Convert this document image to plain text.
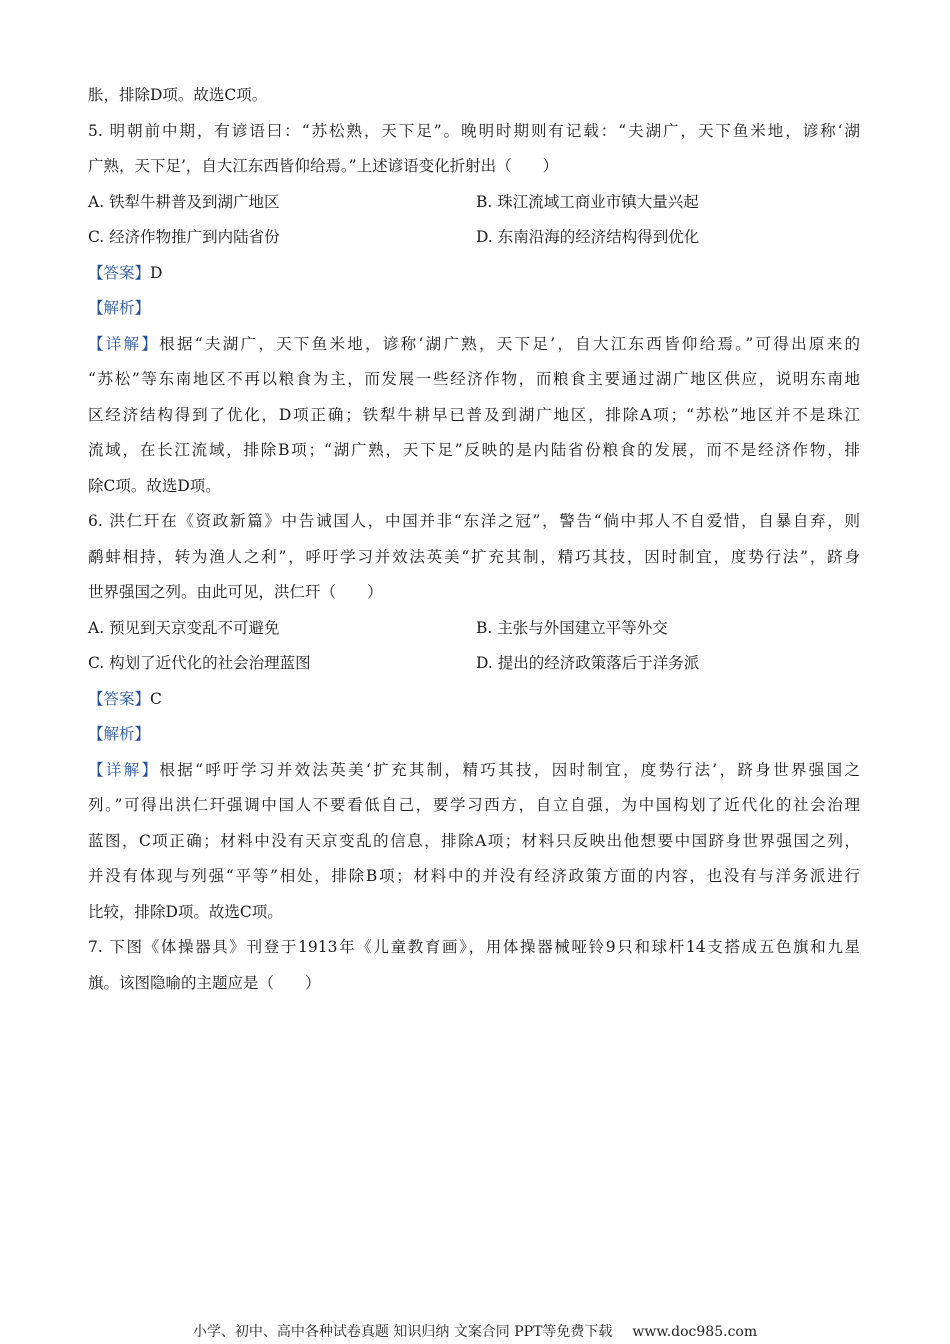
胀，排除D项。故选C项。
5. 明朝前中期，有谚语曰：“苏松熟，天下足”。晚明时期则有记载：“夫湖广，天下鱼米地，谚称‘湖
广熟，天下足’，自大江东西皆仰给焉。”上述谚语变化折射出（　　）
A. 铁犁牛耕普及到湖广地区	B. 珠江流域工商业市镇大量兴起
C. 经济作物推广到内陆省份	D. 东南沿海的经济结构得到优化
【答案】D
【解析】
【详解】根据“夫湖广，天下鱼米地，谚称‘湖广熟，天下足’，自大江东西皆仰给焉。”可得出原来的
“苏松”等东南地区不再以粮食为主，而发展一些经济作物，而粮食主要通过湖广地区供应，说明东南地
区经济结构得到了优化，D项正确；铁犁牛耕早已普及到湖广地区，排除A项；“苏松”地区并不是珠江
流域，在长江流域，排除B项；“湖广熟，天下足”反映的是内陆省份粮食的发展，而不是经济作物，排
除C项。故选D项。
6. 洪仁玕在《资政新篇》中告诫国人，中国并非“东洋之冠”，警告“倘中邦人不自爱惜，自暴自弃，则
鹬蚌相持，转为渔人之利”，呼吁学习并效法英美“扩充其制，精巧其技，因时制宜，度势行法”，跻身
世界强国之列。由此可见，洪仁玕（　　）
A. 预见到天京变乱不可避免	B. 主张与外国建立平等外交
C. 构划了近代化的社会治理蓝图	D. 提出的经济政策落后于洋务派
【答案】C
【解析】
【详解】根据“呼吁学习并效法英美‘扩充其制，精巧其技，因时制宜，度势行法’，跻身世界强国之
列。”可得出洪仁玕强调中国人不要看低自己，要学习西方，自立自强，为中国构划了近代化的社会治理
蓝图，C项正确；材料中没有天京变乱的信息，排除A项；材料只反映出他想要中国跻身世界强国之列，
并没有体现与列强“平等”相处，排除B项；材料中的并没有经济政策方面的内容，也没有与洋务派进行
比较，排除D项。故选C项。
7. 下图《体操器具》刊登于1913年《儿童教育画》，用体操器械哑铃9只和球杆14支搭成五色旗和九星
旗。该图隐喻的主题应是（　　）
小学、初中、高中各种试卷真题 知识归纳 文案合同 PPT等免费下载 www.doc985.com
